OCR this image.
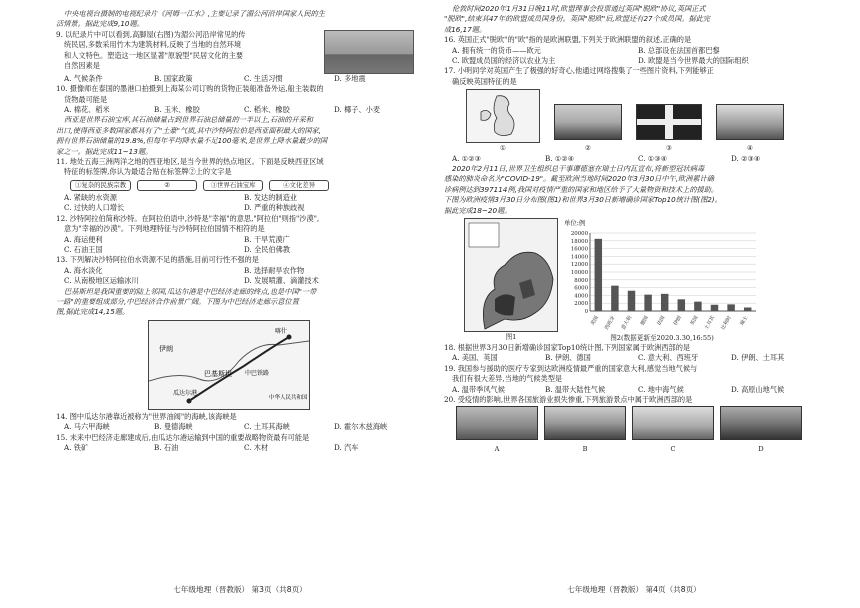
中央电视台摄制的电视纪录片《河姆一江水》,主要记录了湄公河沿岸国家人民的生

活情景。据此完成9,10题。

9. 以纪录片中可以看到,高脚屋(右图)为湄公河沿岸常见的传

统民居,多数采用竹木为建筑材料,反映了当地的自然环境

和人文特色。塑造这一地区显著"原貌型"民居文化的主要

自然因素是

A. 气候条件	B. 国家政策	C. 生活习惯	D. 多地震

10. 摄像师在泰国的墨港口拍摄到上海某公司订购的货物正装船准备外运,船主装载的

货物最可能是

A. 棉花、稻米	B. 玉米、橡胶	C. 稻米、橡胶	D. 椰子、小麦

西亚是世界石油宝库,其石油储量占到世界石油总储量的一半以上,石油的开采和

出口,使得西亚多数国家都具有了"土豪"气质,其中沙特阿拉伯是西亚面积最大的国家,

拥有世界石油储量的19.8%,但每年平均降水量不足100毫米,是世界上降水量最少的国

家之一。据此完成11~13题。

11. 地处五海三洲两洋之地的西亚地区,是当今世界的热点地区。下面是反映西亚区域

特征的标签牌,你认为最适合贴在标签牌②上的文字是

①复杂的民族宗教	②	③世界石油宝库	④文化差异
A. 紧缺的水资源	B. 发达的制造业
C. 过快的人口增长	D. 严重的种族歧视

12. 沙特阿拉伯简称沙特。在阿拉伯语中,沙特是"幸福"的意思,"阿拉伯"则指"沙漠",

意为"幸福的沙漠"。下列地理特征与沙特阿拉伯国情不相符的是

A. 海运便利	B. 干旱荒漠广
C. 石油王国	D. 全民伯佛教

13. 下列解决沙特阿拉伯水资源不足的措施,目前可行性不强的是

A. 海水淡化	B. 选择耐旱农作物
C. 从南极地区运输冰川	D. 发展喷灌、滴灌技术

巴基斯坦是我国重要的陆上邻国,瓜达尔港是中巴经济走廊的终点,也是中国"一带

一路"的重要组成部分,中巴经济合作前景广阔。下图为中巴经济走廊示意位置

图,据此完成14,15题。

伊朗
瓜达尔港
巴基斯坦 中巴铁路
喀什
中华人民共和国

14. 图中瓜达尔港靠近被称为"世界油阀"的海峡,该海峡是

A. 马六甲海峡	B. 曼德海峡	C. 土耳其海峡	D. 霍尔木兹海峡

15. 未来中巴经济走廊建成后,由瓜达尔港运输到中国的重要战略物资最有可能是

A. 铁矿	B. 石油	C. 木材	D. 汽车
七年级地理（晋教版） 第3页（共8页）

伦敦时间2020年1月31日晚11时,欧盟理事会投票通过英国"脱欧"协议,英国正式

"脱欧",结束其47年的欧盟成员国身份。英国"脱欧"后,欧盟还有27个成员国。据此完

成16,17题。

16. 英国正式"脱欧"的"欧"指的是欧洲联盟,下列关于欧洲联盟的叙述,正确的是

A. 拥有统一的货币——欧元	B. 总部设在法国首都巴黎
C. 欧盟成员国的经济以农业为主	D. 欧盟是当今世界最大的国际组织

17. 小明同学对英国产生了极强的好奇心,他通过网络搜集了一些图片资料,下列能够正

确反映英国特征的是

①	②	③	④
A. ①②③	B. ①②④	C. ①③④	D. ②③④

2020年2月11日,世界卫生组织总干事谭德塞在瑞士日内瓦宣布,将新型冠状病毒

感染的肺炎命名为"COVID-19"。截至欧洲当地时间2020年3月30日中午,欧洲累计确

诊病例达到397114例,我国对疫情严重的国家和地区给予了大量物资和技术上的援助。

下图为欧洲疫情3月30日分布图(图1)和世界3月30日新增确诊国家Top10统计图(图2)。

据此完成18~20题。

图1
单位:例
20000
18000
16000
14000
12000
10000
8000
6000
4000
2000
0
美国 西班牙 意大利 德国 法国 伊朗 英国 土耳其 比利时 瑞士
图2(数据更新至2020.3.30,16:55)

18. 根据世界3月30日新增确诊国家Top10统计图,下列国家属于欧洲西部的是

A. 美国、英国	B. 伊朗、德国	C. 意大利、西班牙	D. 伊朗、土耳其

19. 我国参与援助的医疗专家到达欧洲疫情最严重的国家意大利,感觉当地气候与

我们有很大差异,当地的气候类型是

A. 温带季风气候	B. 温带大陆性气候	C. 地中海气候	D. 高原山地气候

20. 受疫情的影响,世界各国旅游业损失惨重,下列旅游景点中属于欧洲西部的是

A	B	C	D
七年级地理（晋教版） 第4页（共8页）
